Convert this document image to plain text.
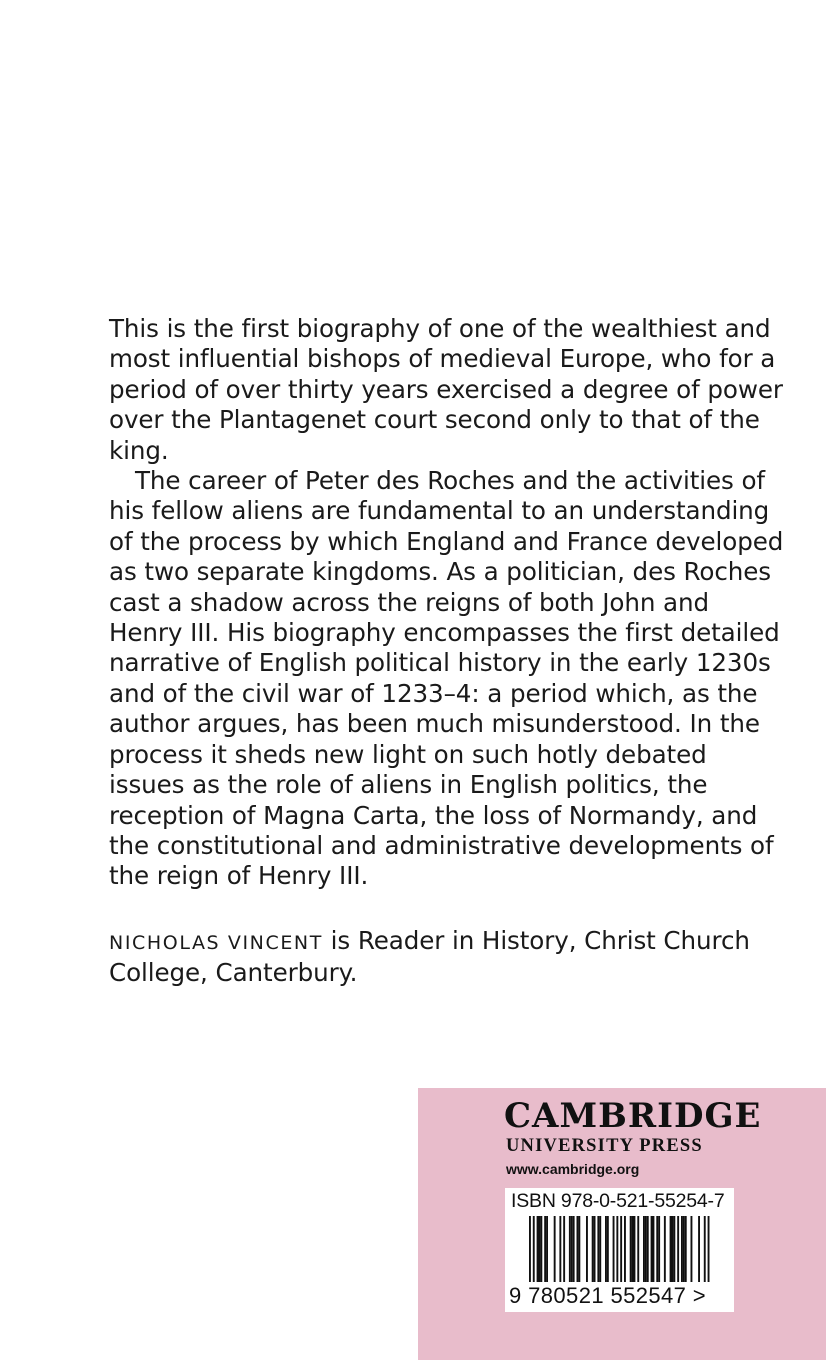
This is the first biography of one of the wealthiest and most influential bishops of medieval Europe, who for a period of over thirty years exercised a degree of power over the Plantagenet court second only to that of the king.

The career of Peter des Roches and the activities of his fellow aliens are fundamental to an understanding of the process by which England and France developed as two separate kingdoms. As a politician, des Roches cast a shadow across the reigns of both John and Henry III. His biography encompasses the first detailed narrative of English political history in the early 1230s and of the civil war of 1233–4: a period which, as the author argues, has been much misunderstood. In the process it sheds new light on such hotly debated issues as the role of aliens in English politics, the reception of Magna Carta, the loss of Normandy, and the constitutional and administrative developments of the reign of Henry III.

NICHOLAS VINCENT is Reader in History, Christ Church College, Canterbury.
CAMBRIDGE
UNIVERSITY PRESS
www.cambridge.org
ISBN 978-0-521-55254-7
9 780521 552547 >
